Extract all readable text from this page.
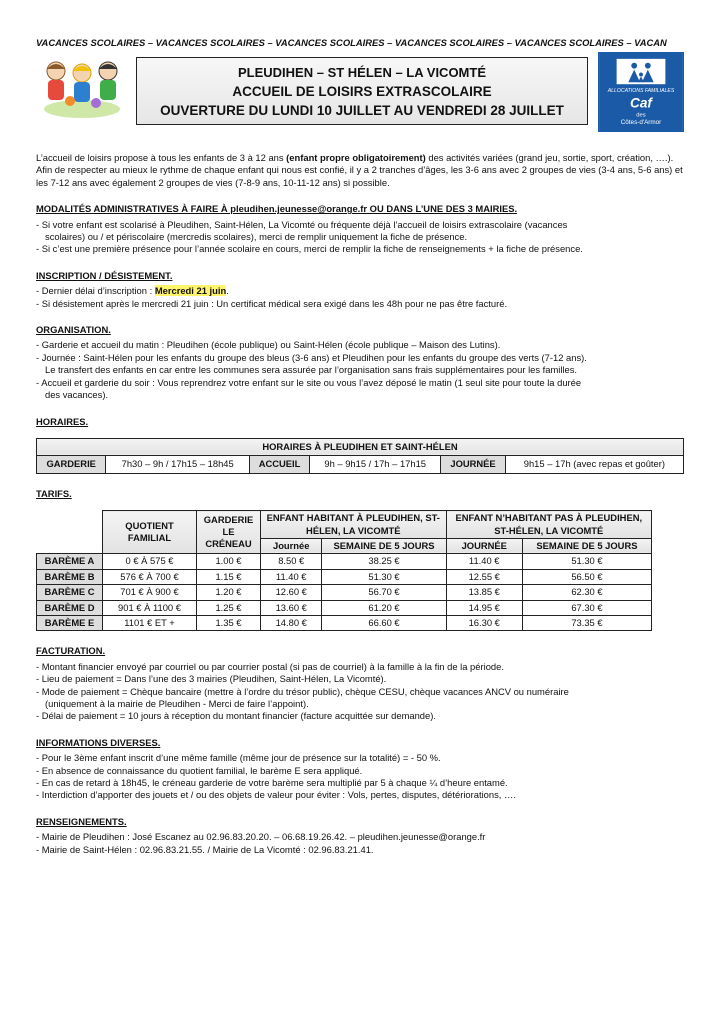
VACANCES SCOLAIRES – VACANCES SCOLAIRES – VACANCES SCOLAIRES – VACANCES SCOLAIRES – VACANCES SCOLAIRES – VACAN
PLEUDIHEN – ST HÉLEN – LA VICOMTÉ
ACCUEIL DE LOISIRS EXTRASCOLAIRE
OUVERTURE DU LUNDI 10 JUILLET AU VENDREDI 28 JUILLET
ALLOCATIONS FAMILIALES
Caf
des
Côtes-d'Armor

L’accueil de loisirs propose à tous les enfants de 3 à 12 ans (enfant propre obligatoirement) des activités variées (grand jeu, sortie, sport, création, ….). Afin de respecter au mieux le rythme de chaque enfant qui nous est confié, il y a 2 tranches d’âges, les 3-6 ans avec 2 groupes de vies (3-4 ans, 5-6 ans) et les 7-12 ans avec également 2 groupes de vies (7-8-9 ans, 10-11-12 ans) si possible.

MODALITÉS ADMINISTRATIVES À FAIRE À pleudihen.jeunesse@orange.fr OU DANS L’UNE DES 3 MAIRIES.

- Si votre enfant est scolarisé à Pleudihen, Saint-Hélen, La Vicomté ou fréquente déjà l’accueil de loisirs extrascolaire (vacances

scolaires) ou / et périscolaire (mercredis scolaires), merci de remplir uniquement la fiche de présence.

- Si c’est une première présence pour l’année scolaire en cours, merci de remplir la fiche de renseignements + la fiche de présence.

INSCRIPTION / DÉSISTEMENT.

- Dernier délai d’inscription : Mercredi 21 juin.

- Si désistement après le mercredi 21 juin : Un certificat médical sera exigé dans les 48h pour ne pas être facturé.

ORGANISATION.

- Garderie et accueil du matin : Pleudihen (école publique) ou Saint-Hélen (école publique – Maison des Lutins).

- Journée : Saint-Hélen pour les enfants du groupe des bleus (3-6 ans) et Pleudihen pour les enfants du groupe des verts (7-12 ans).

Le transfert des enfants en car entre les communes sera assurée par l’organisation sans frais supplémentaires pour les familles.

- Accueil et garderie du soir : Vous reprendrez votre enfant sur le site ou vous l’avez déposé le matin (1 seul site pour toute la durée

des vacances).

HORAIRES.

HORAIRES À PLEUDIHEN ET SAINT-HÉLEN
GARDERIE	7h30 – 9h / 17h15 – 18h45	ACCUEIL	9h – 9h15 / 17h – 17h15	JOURNÉE	9h15 – 17h (avec repas et goûter)

TARIFS.

	QUOTIENT FAMILIAL	GARDERIE LE CRÉNEAU	ENFANT HABITANT À PLEUDIHEN, ST-HÉLEN, LA VICOMTÉ		ENFANT N’HABITANT PAS À PLEUDIHEN, ST-HÉLEN, LA VICOMTÉ	
			Journée	SEMAINE DE 5 JOURS	JOURNÉE	SEMAINE DE 5 JOURS
BARÈME A	0 € À 575 €	1.00 €	8.50 €	38.25 €	11.40 €	51.30 €
BARÈME B	576 € À 700 €	1.15 €	11.40 €	51.30 €	12.55 €	56.50 €
BARÈME C	701 € À 900 €	1.20 €	12.60 €	56.70 €	13.85 €	62.30 €
BARÈME D	901 € À 1100 €	1.25 €	13.60 €	61.20 €	14.95 €	67.30 €
BARÈME E	1101 € ET +	1.35 €	14.80 €	66.60 €	16.30 €	73.35 €

FACTURATION.

- Montant financier envoyé par courriel ou par courrier postal (si pas de courriel) à la famille à la fin de la période.

- Lieu de paiement = Dans l’une des 3 mairies (Pleudihen, Saint-Hélen, La Vicomté).

- Mode de paiement = Chèque bancaire (mettre à l’ordre du trésor public), chèque CESU, chèque vacances ANCV ou numéraire

(uniquement à la mairie de Pleudihen - Merci de faire l’appoint).

- Délai de paiement = 10 jours à réception du montant financier (facture acquittée sur demande).

INFORMATIONS DIVERSES.

- Pour le 3ème enfant inscrit d’une même famille (même jour de présence sur la totalité) = - 50 %.

- En absence de connaissance du quotient familial, le barème E sera appliqué.

- En cas de retard à 18h45, le créneau garderie de votre barème sera multiplié par 5 à chaque ¼ d’heure entamé.

- Interdiction d’apporter des jouets et / ou des objets de valeur pour éviter : Vols, pertes, disputes, détériorations, ….

RENSEIGNEMENTS.

- Mairie de Pleudihen : José Escanez au 02.96.83.20.20. – 06.68.19.26.42. – pleudihen.jeunesse@orange.fr

- Mairie de Saint-Hélen : 02.96.83.21.55. / Mairie de La Vicomté : 02.96.83.21.41.
